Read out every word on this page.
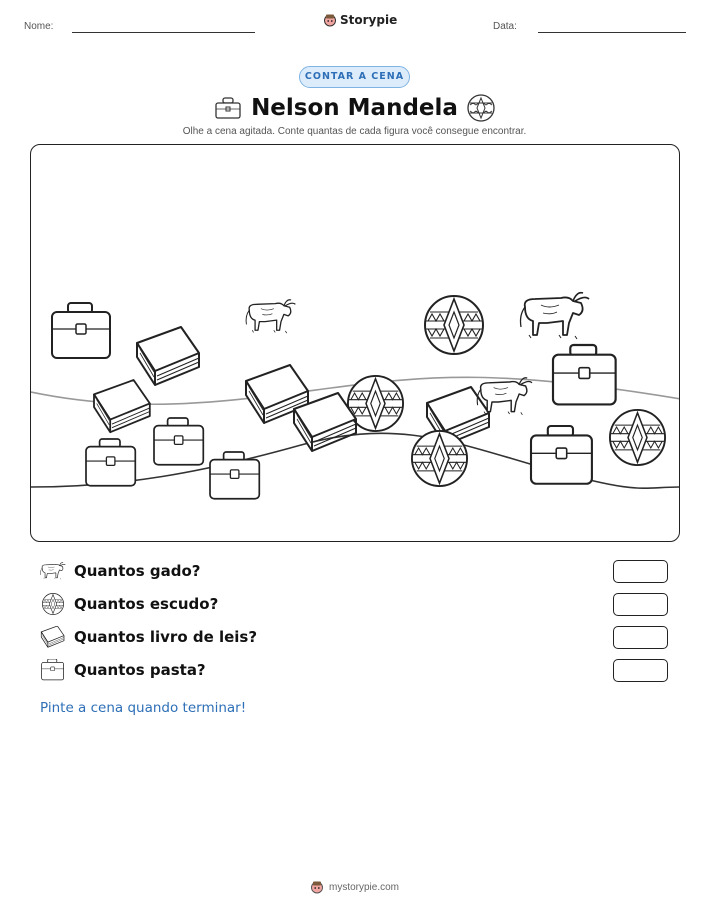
Nome:	Storypie	Data:
CONTAR A CENA
Nelson Mandela
Olhe a cena agitada. Conte quantas de cada figura você consegue encontrar.
Quantos gado?
Quantos escudo?
Quantos livro de leis?
Quantos pasta?
Pinte a cena quando terminar!
mystorypie.com
